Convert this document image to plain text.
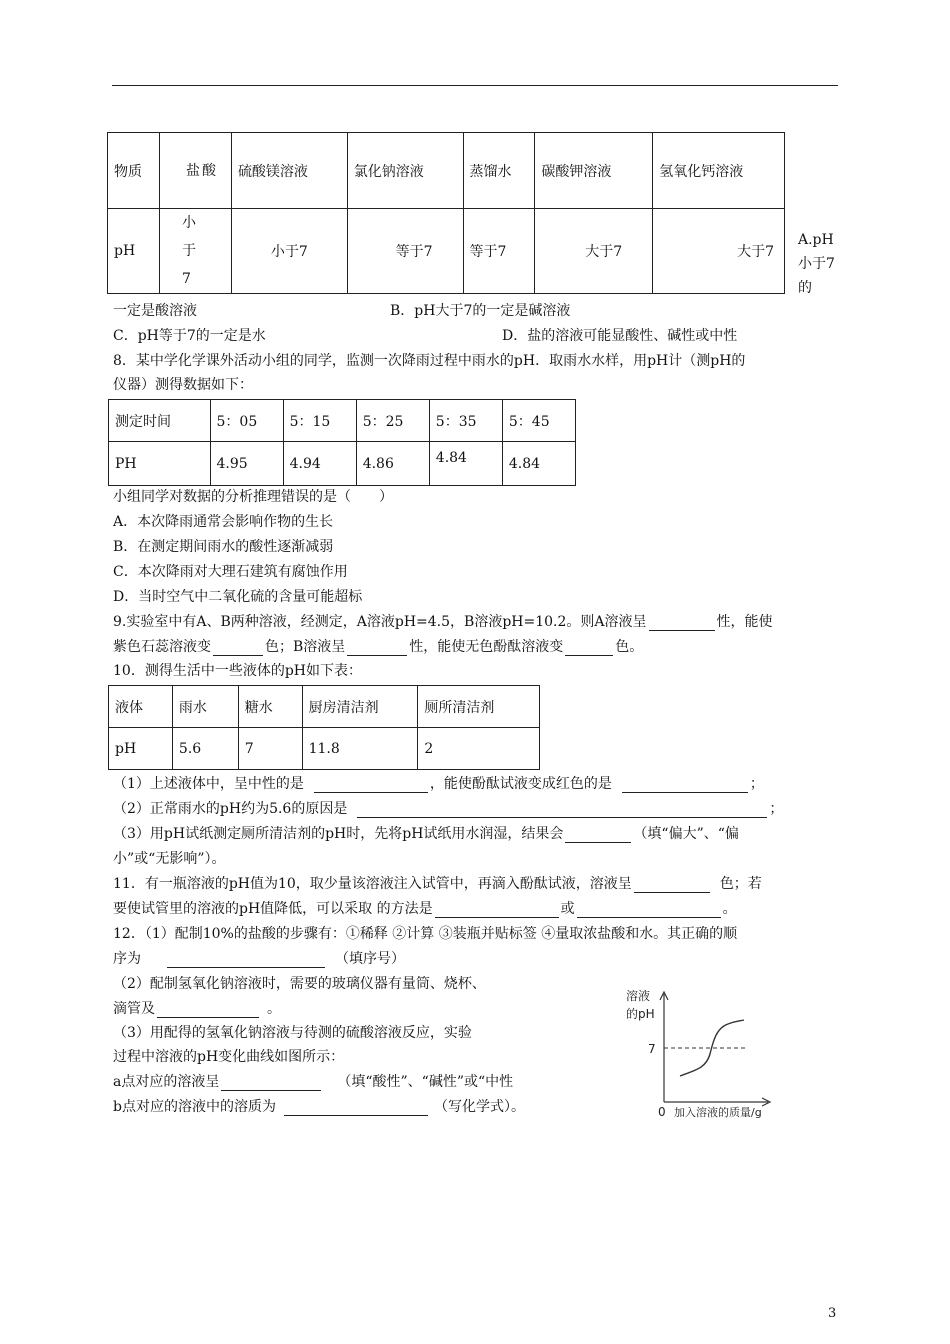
物质	盐酸	硫酸镁溶液	氯化钠溶液	蒸馏水	碳酸钾溶液	氢氧化钙溶液
pH	小于7	小于7	等于7	等于7	大于7	大于7
A.pH小于7的
一定是酸溶液	B．pH大于7的一定是碱溶液
C．pH等于7的一定是水	D．盐的溶液可能显酸性、碱性或中性
8．某中学化学课外活动小组的同学，监测一次降雨过程中雨水的pH．取雨水水样，用pH计（测pH的
仪器）测得数据如下：
测定时间	5：05	5：15	5：25	5：35	5：45
PH	4.95	4.94	4.86	4.84	4.84
小组同学对数据的分析推理错误的是（　　）
A．本次降雨通常会影响作物的生长
B．在测定期间雨水的酸性逐渐减弱
C．本次降雨对大理石建筑有腐蚀作用
D．当时空气中二氧化硫的含量可能超标
9.实验室中有A、B两种溶液，经测定，A溶液pH=4.5，B溶液pH=10.2。则A溶液呈	性，能使
紫色石蕊溶液变	色；B溶液呈	性，能使无色酚酞溶液变	色。
10．测得生活中一些液体的pH如下表：
液体	雨水	糖水	厨房清洁剂	厕所清洁剂
pH	5.6	7	11.8	2
（1）上述液体中，呈中性的是	，能使酚酞试液变成红色的是	；
（2）正常雨水的pH约为5.6的原因是	；
（3）用pH试纸测定厕所清洁剂的pH时，先将pH试纸用水润湿，结果会	（填“偏大”、“偏
小”或“无影响”）。
11．有一瓶溶液的pH值为10，取少量该溶液注入试管中，再滴入酚酞试液，溶液呈	色；若
要使试管里的溶液的pH值降低，可以采取 的方法是	或	。
12．（1）配制10%的盐酸的步骤有：①稀释 ②计算 ③装瓶并贴标签 ④量取浓盐酸和水。其正确的顺
序为	（填序号）
（2）配制氢氧化钠溶液时，需要的玻璃仪器有量筒、烧杯、
滴管及	。
（3）用配得的氢氧化钠溶液与待测的硫酸溶液反应，实验
过程中溶液的pH变化曲线如图所示：
a点对应的溶液呈	（填“酸性”、“碱性”或“中性
b点对应的溶液中的溶质为	（写化学式）。
溶液
的pH
7
0 加入溶液的质量/g
3
